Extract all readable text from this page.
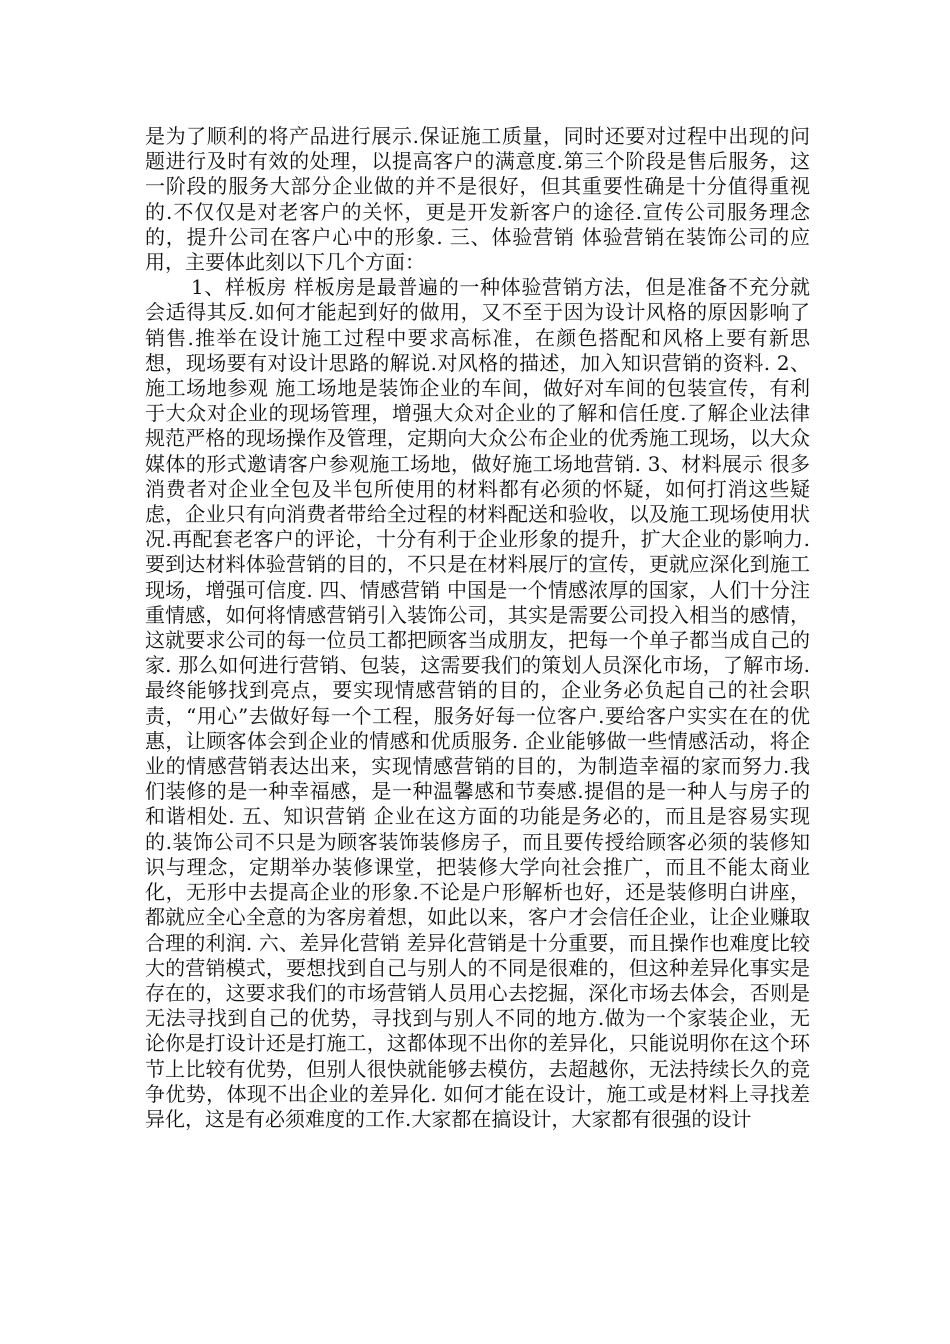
是为了顺利的将产品进行展示.保证施工质量，同时还要对过程中出现的问题进行及时有效的处理，以提高客户的满意度.第三个阶段是售后服务，这一阶段的服务大部分企业做的并不是很好，但其重要性确是十分值得重视的.不仅仅是对老客户的关怀，更是开发新客户的途径.宣传公司服务理念的，提升公司在客户心中的形象. 三、体验营销 体验营销在装饰公司的应用，主要体此刻以下几个方面：

1、样板房 样板房是最普遍的一种体验营销方法，但是准备不充分就会适得其反.如何才能起到好的做用，又不至于因为设计风格的原因影响了销售.推举在设计施工过程中要求高标准，在颜色搭配和风格上要有新思想，现场要有对设计思路的解说.对风格的描述，加入知识营销的资料. 2、施工场地参观 施工场地是装饰企业的车间，做好对车间的包装宣传，有利于大众对企业的现场管理，增强大众对企业的了解和信任度.了解企业法律规范严格的现场操作及管理，定期向大众公布企业的优秀施工现场，以大众媒体的形式邀请客户参观施工场地，做好施工场地营销. 3、材料展示 很多消费者对企业全包及半包所使用的材料都有必须的怀疑，如何打消这些疑虑，企业只有向消费者带给全过程的材料配送和验收，以及施工现场使用状况.再配套老客户的评论，十分有利于企业形象的提升，扩大企业的影响力.要到达材料体验营销的目的，不只是在材料展厅的宣传，更就应深化到施工现场，增强可信度. 四、情感营销 中国是一个情感浓厚的国家，人们十分注重情感，如何将情感营销引入装饰公司，其实是需要公司投入相当的感情，这就要求公司的每一位员工都把顾客当成朋友，把每一个单子都当成自己的家. 那么如何进行营销、包装，这需要我们的策划人员深化市场，了解市场.最终能够找到亮点，要实现情感营销的目的，企业务必负起自己的社会职责，“用心”去做好每一个工程，服务好每一位客户.要给客户实实在在的优惠，让顾客体会到企业的情感和优质服务. 企业能够做一些情感活动，将企业的情感营销表达出来，实现情感营销的目的，为制造幸福的家而努力.我们装修的是一种幸福感，是一种温馨感和节奏感.提倡的是一种人与房子的和谐相处. 五、知识营销 企业在这方面的功能是务必的，而且是容易实现的.装饰公司不只是为顾客装饰装修房子，而且要传授给顾客必须的装修知识与理念，定期举办装修课堂，把装修大学向社会推广，而且不能太商业化，无形中去提高企业的形象.不论是户形解析也好，还是装修明白讲座，都就应全心全意的为客房着想，如此以来，客户才会信任企业，让企业赚取合理的利润. 六、差异化营销 差异化营销是十分重要，而且操作也难度比较大的营销模式，要想找到自己与别人的不同是很难的，但这种差异化事实是存在的，这要求我们的市场营销人员用心去挖掘，深化市场去体会，否则是无法寻找到自己的优势，寻找到与别人不同的地方.做为一个家装企业，无论你是打设计还是打施工，这都体现不出你的差异化，只能说明你在这个环节上比较有优势，但别人很快就能够去模仿，去超越你，无法持续长久的竞争优势，体现不出企业的差异化. 如何才能在设计，施工或是材料上寻找差异化，这是有必须难度的工作.大家都在搞设计，大家都有很强的设计
